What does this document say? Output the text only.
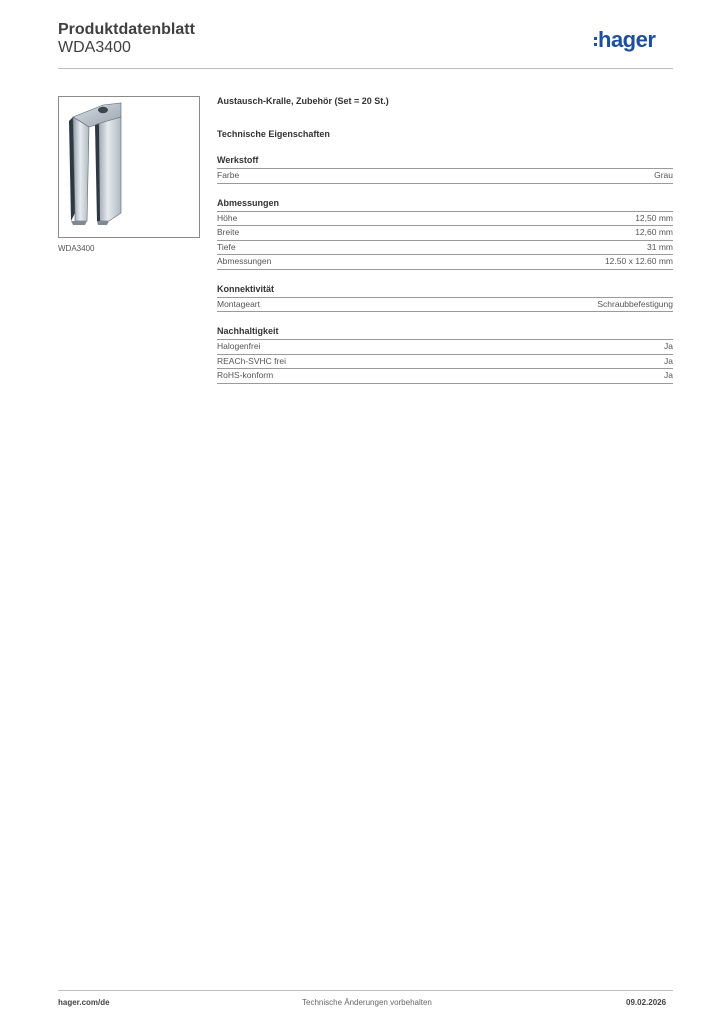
Produktdatenblatt
WDA3400	hager
WDA3400
Austausch-Kralle, Zubehör (Set = 20 St.)
Technische Eigenschaften
Werkstoff
Farbe	Grau
Abmessungen
Höhe	12,50 mm
Breite	12,60 mm
Tiefe	31 mm
Abmessungen	12.50 x 12.60 mm
Konnektivität
Montageart	Schraubbefestigung
Nachhaltigkeit
Halogenfrei	Ja
REACh-SVHC frei	Ja
RoHS-konform	Ja
hager.com/de	Technische Änderungen vorbehalten	09.02.2026
